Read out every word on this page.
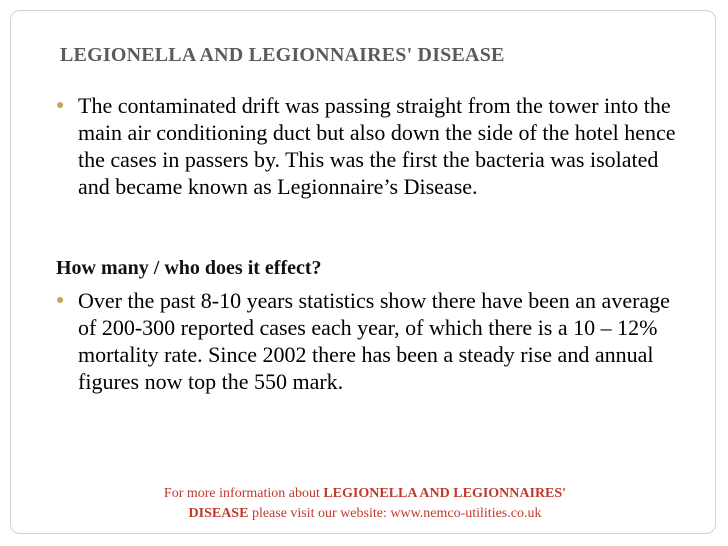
LEGIONELLA AND LEGIONNAIRES' DISEASE
● The contaminated drift was passing straight from the tower into the main air conditioning duct but also down the side of the hotel hence the cases in passers by. This was the first the bacteria was isolated and became known as Legionnaire’s Disease.

How many / who does it effect?
● Over the past 8-10 years statistics show there have been an average of 200-300 reported cases each year, of which there is a 10 – 12% mortality rate. Since 2002 there has been a steady rise and annual figures now top the 550 mark.

For more information about LEGIONELLA AND LEGIONNAIRES'
DISEASE please visit our website: www.nemco-utilities.co.uk
